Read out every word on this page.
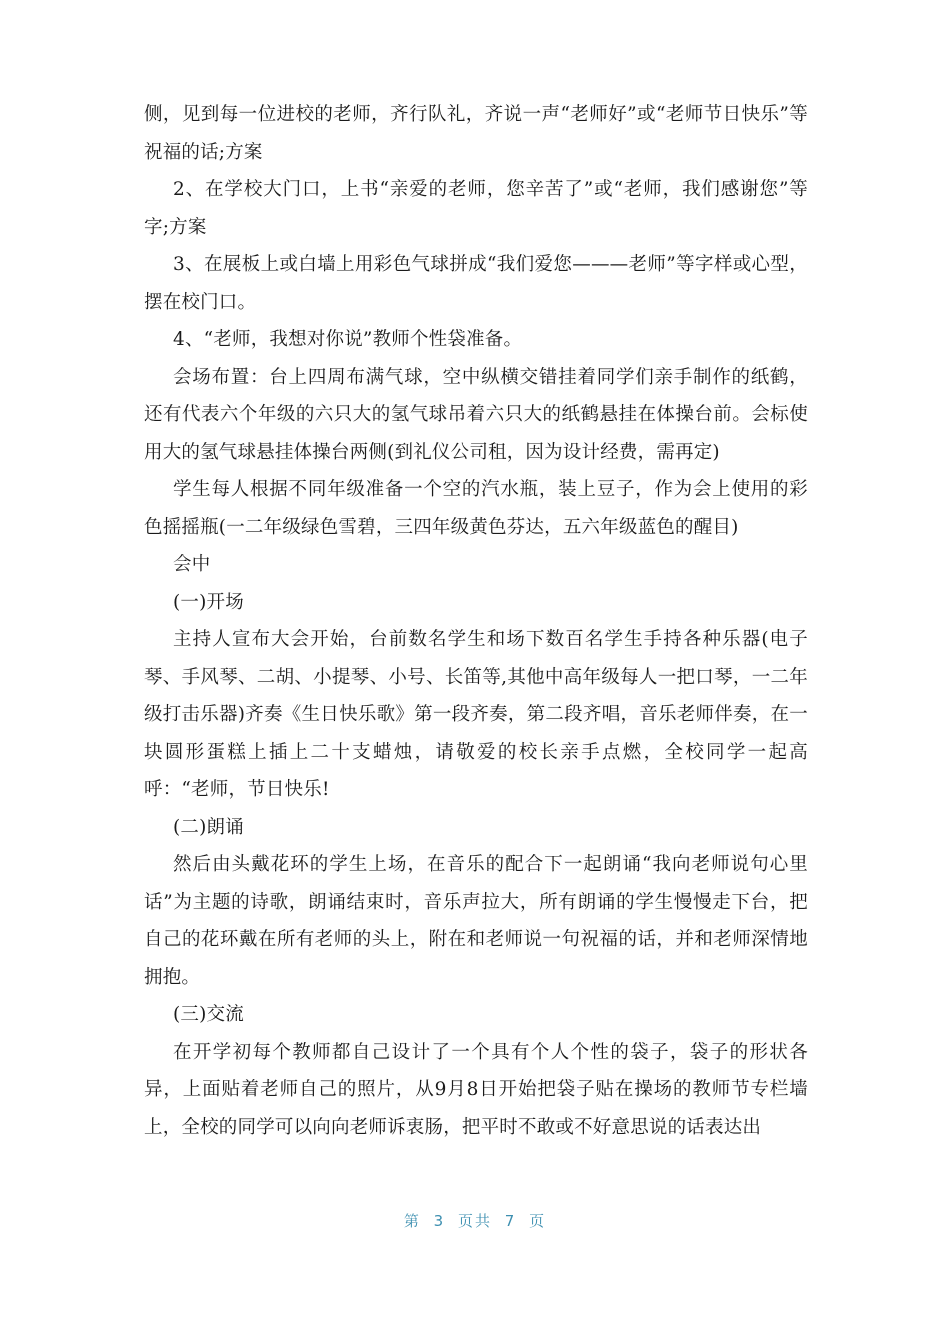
侧，见到每一位进校的老师，齐行队礼，齐说一声“老师好”或“老师节日快乐”等祝福的话;方案

2、在学校大门口，上书“亲爱的老师，您辛苦了”或“老师，我们感谢您”等字;方案

3、在展板上或白墙上用彩色气球拼成“我们爱您———老师”等字样或心型，摆在校门口。

4、“老师，我想对你说”教师个性袋准备。

会场布置：台上四周布满气球，空中纵横交错挂着同学们亲手制作的纸鹤，还有代表六个年级的六只大的氢气球吊着六只大的纸鹤悬挂在体操台前。会标使用大的氢气球悬挂体操台两侧(到礼仪公司租，因为设计经费，需再定)

学生每人根据不同年级准备一个空的汽水瓶，装上豆子，作为会上使用的彩色摇摇瓶(一二年级绿色雪碧，三四年级黄色芬达，五六年级蓝色的醒目)

会中

(一)开场

主持人宣布大会开始，台前数名学生和场下数百名学生手持各种乐器(电子琴、手风琴、二胡、小提琴、小号、长笛等,其他中高年级每人一把口琴，一二年级打击乐器)齐奏《生日快乐歌》第一段齐奏，第二段齐唱，音乐老师伴奏，在一块圆形蛋糕上插上二十支蜡烛，请敬爱的校长亲手点燃，全校同学一起高呼：“老师，节日快乐!

(二)朗诵

然后由头戴花环的学生上场，在音乐的配合下一起朗诵“我向老师说句心里话”为主题的诗歌，朗诵结束时，音乐声拉大，所有朗诵的学生慢慢走下台，把自己的花环戴在所有老师的头上，附在和老师说一句祝福的话，并和老师深情地拥抱。

(三)交流

在开学初每个教师都自己设计了一个具有个人个性的袋子，袋子的形状各异，上面贴着老师自己的照片，从9月8日开始把袋子贴在操场的教师节专栏墙上，全校的同学可以向向老师诉衷肠，把平时不敢或不好意思说的话表达出

第 3 页共 7 页
